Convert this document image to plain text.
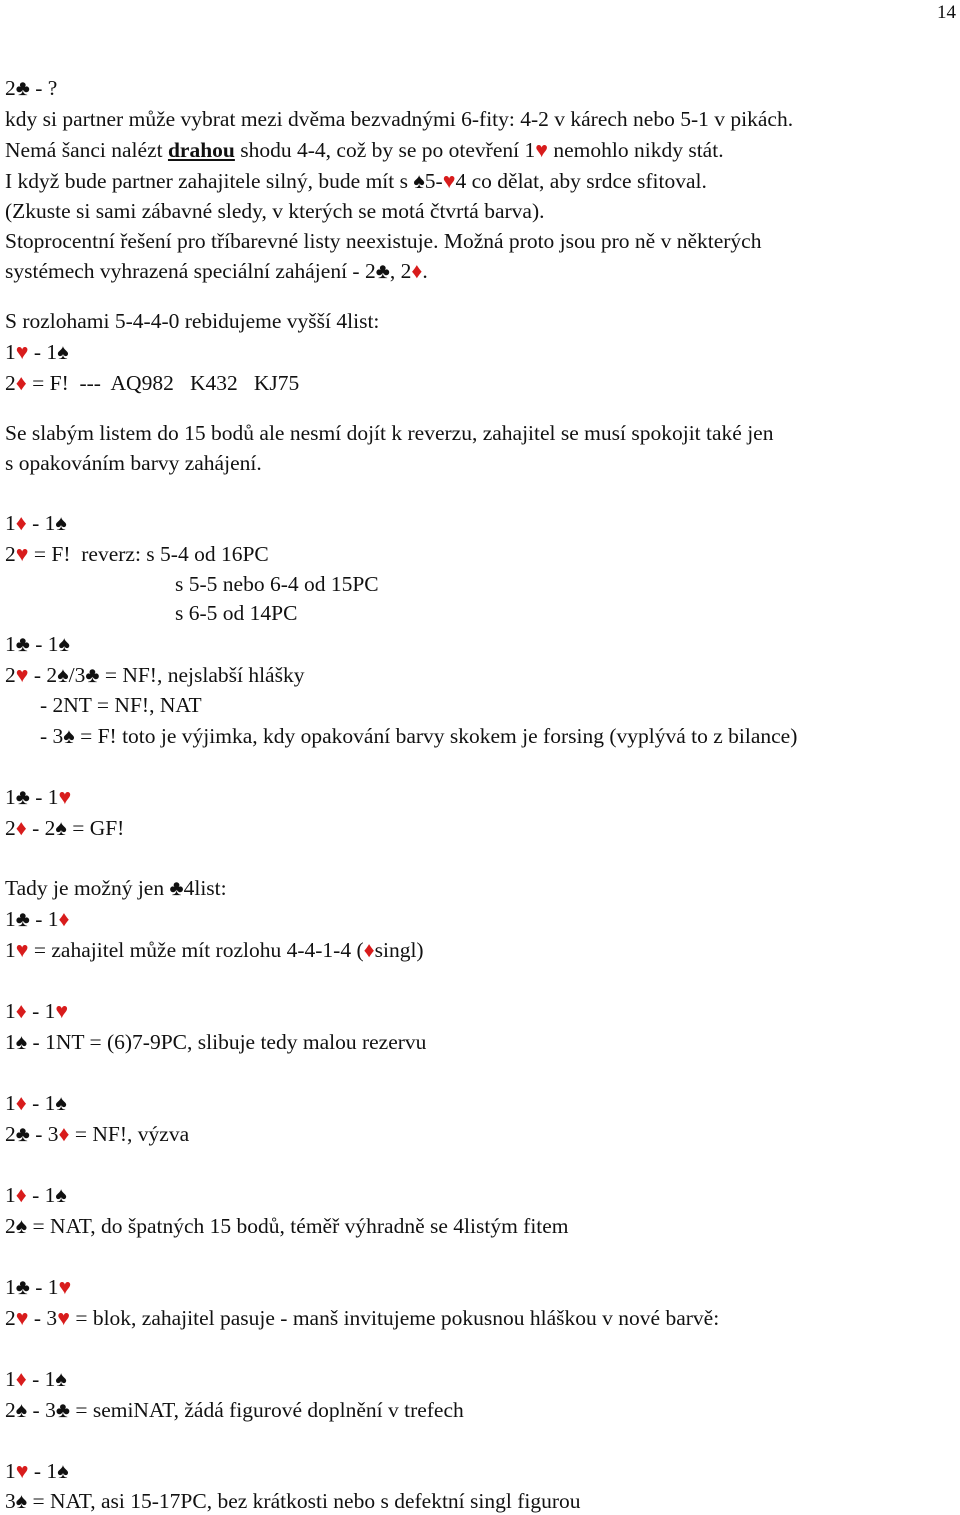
14
2♣ - ?
kdy si partner může vybrat mezi dvěma bezvadnými 6-fity: 4-2 v kárech nebo 5-1 v pikách.
Nemá šanci nalézt drahou shodu 4-4, což by se po otevření 1♥ nemohlo nikdy stát.
I když bude partner zahajitele silný, bude mít s ♠5-♥4 co dělat, aby srdce sfitoval.
(Zkuste si sami zábavné sledy, v kterých se motá čtvrtá barva).
Stoprocentní řešení pro tříbarevné listy neexistuje. Možná proto jsou pro ně v některých
systémech vyhrazená speciální zahájení - 2♣, 2♦.
S rozlohami 5-4-4-0 rebidujeme vyšší 4list:
1♥ - 1♠
2♦ = F!  ---  AQ982   K432   KJ75
Se slabým listem do 15 bodů ale nesmí dojít k reverzu, zahajitel se musí spokojit také jen
s opakováním barvy zahájení.
1♦ - 1♠
2♥ = F!  reverz: s 5-4 od 16PC
s 5-5 nebo 6-4 od 15PC
s 6-5 od 14PC
1♣ - 1♠
2♥ - 2♠/3♣ = NF!, nejslabší hlášky
- 2NT = NF!, NAT
- 3♠ = F! toto je výjimka, kdy opakování barvy skokem je forsing (vyplývá to z bilance)
1♣ - 1♥
2♦ - 2♠ = GF!
Tady je možný jen ♣4list:
1♣ - 1♦
1♥ = zahajitel může mít rozlohu 4-4-1-4 (♦singl)
1♦ - 1♥
1♠ - 1NT = (6)7-9PC, slibuje tedy malou rezervu
1♦ - 1♠
2♣ - 3♦ = NF!, výzva
1♦ - 1♠
2♠ = NAT, do špatných 15 bodů, téměř výhradně se 4listým fitem
1♣ - 1♥
2♥ - 3♥ = blok, zahajitel pasuje - manš invitujeme pokusnou hláškou v nové barvě:
1♦ - 1♠
2♠ - 3♣ = semiNAT, žádá figurové doplnění v trefech
1♥ - 1♠
3♠ = NAT, asi 15-17PC, bez krátkosti nebo s defektní singl figurou
